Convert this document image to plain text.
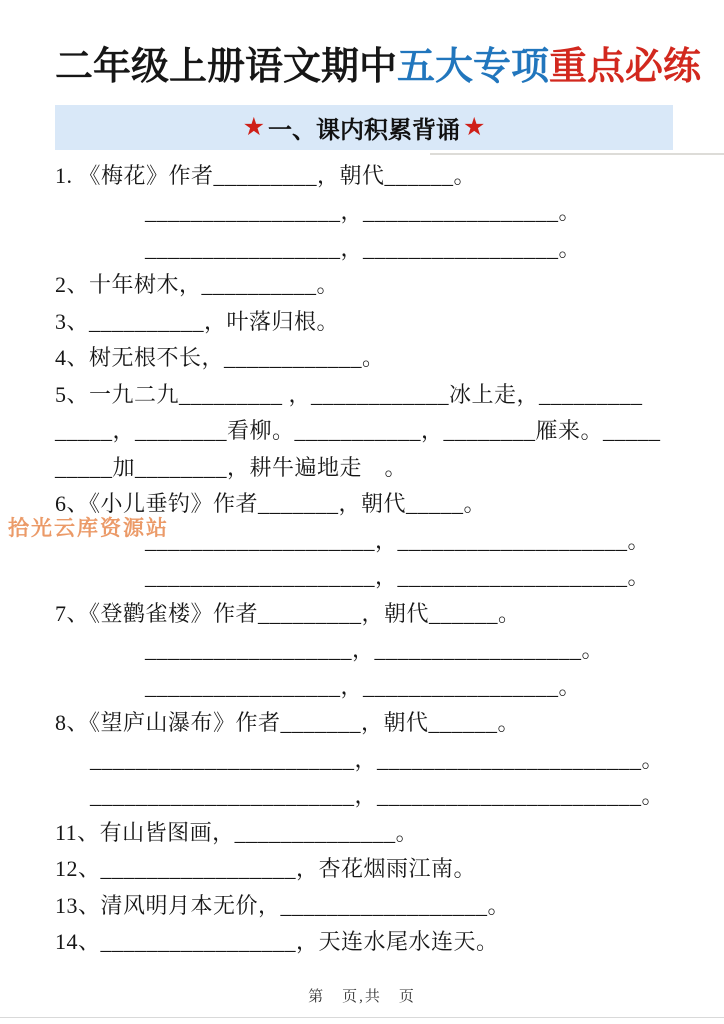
二年级上册语文期中五大专项重点必练
★ 一、课内积累背诵 ★
1. 《梅花》作者_________，朝代______。
_________________，_________________。
_________________，_________________。
2、十年树木，__________。
3、__________，叶落归根。
4、树无根不长，____________。
5、一九二九_________ ，____________冰上走，_________
_____，________看柳。___________，________雁来。_____
_____加________，耕牛遍地走　。
6、《小儿垂钓》作者_______，朝代_____。
____________________，____________________。
____________________，____________________。
7、《登鹳雀楼》作者_________，朝代______。
__________________，__________________。
_________________，_________________。
8、《望庐山瀑布》作者_______，朝代______。
_______________________，_______________________。
_______________________，_______________________。
11、有山皆图画，______________。
12、_________________，杏花烟雨江南。
13、清风明月本无价，__________________。
14、_________________，天连水尾水连天。
拾光云库资源站
第　页,共　页
